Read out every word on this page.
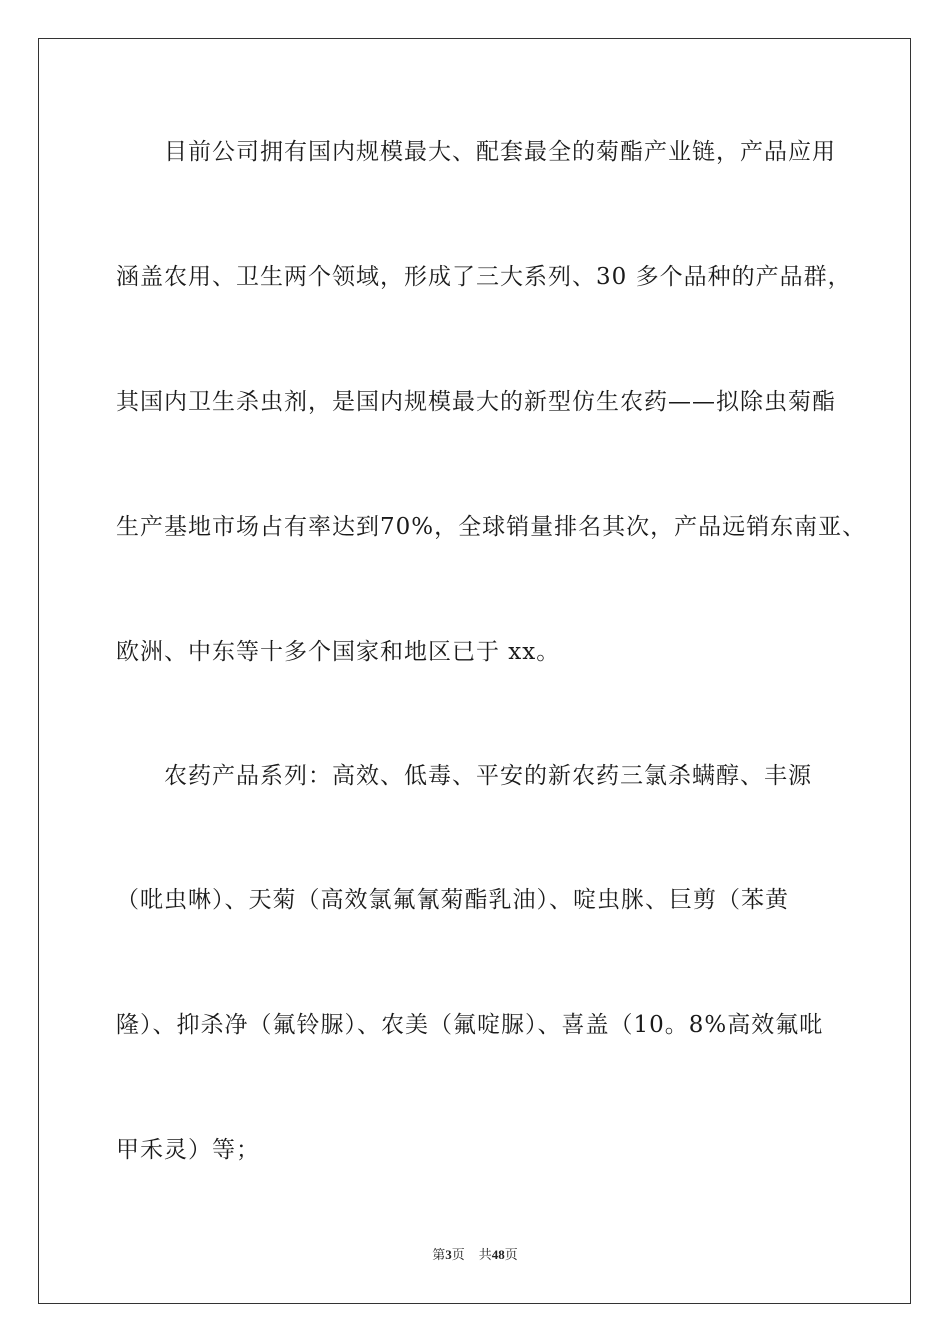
目前公司拥有国内规模最大、配套最全的菊酯产业链，产品应用
涵盖农用、卫生两个领域，形成了三大系列、30 多个品种的产品群，
其国内卫生杀虫剂，是国内规模最大的新型仿生农药——拟除虫菊酯
生产基地市场占有率达到70%，全球销量排名其次，产品远销东南亚、
欧洲、中东等十多个国家和地区已于 xx。
农药产品系列：高效、低毒、平安的新农药三氯杀螨醇、丰源
（吡虫啉）、天菊（高效氯氟氰菊酯乳油）、啶虫脒、巨剪（苯黄
隆）、抑杀净（氟铃脲）、农美（氟啶脲）、喜盖（10。8%高效氟吡
甲禾灵）等；
第3页 共48页
